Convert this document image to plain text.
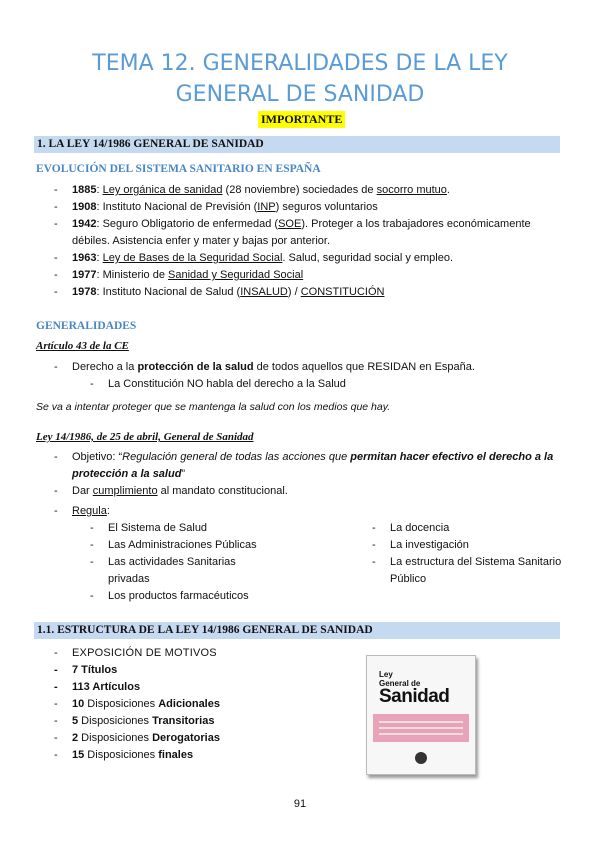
TEMA 12. GENERALIDADES DE LA LEY
GENERAL DE SANIDAD
IMPORTANTE
1. LA LEY 14/1986 GENERAL DE SANIDAD
EVOLUCIÓN DEL SISTEMA SANITARIO EN ESPAÑA
- 1885: Ley orgánica de sanidad (28 noviembre) sociedades de socorro mutuo.
- 1908: Instituto Nacional de Previsión (INP) seguros voluntarios
- 1942: Seguro Obligatorio de enfermedad (SOE). Proteger a los trabajadores económicamente débiles. Asistencia enfer y mater y bajas por anterior.
- 1963: Ley de Bases de la Seguridad Social. Salud, seguridad social y empleo.
- 1977: Ministerio de Sanidad y Seguridad Social
- 1978: Instituto Nacional de Salud (INSALUD) / CONSTITUCIÓN
GENERALIDADES
Artículo 43 de la CE
- Derecho a la protección de la salud de todos aquellos que RESIDAN en España.
- La Constitución NO habla del derecho a la Salud
Se va a intentar proteger que se mantenga la salud con los medios que hay.
Ley 14/1986, de 25 de abril, General de Sanidad
- Objetivo: “Regulación general de todas las acciones que permitan hacer efectivo el derecho a la protección a la salud”
- Dar cumplimiento al mandato constitucional.
- Regula:
- El Sistema de Salud
- Las Administraciones Públicas
- Las actividades Sanitarias privadas
- Los productos farmacéuticos
- La docencia
- La investigación
- La estructura del Sistema Sanitario Público
1.1. ESTRUCTURA DE LA LEY 14/1986 GENERAL DE SANIDAD
- EXPOSICIÓN DE MOTIVOS
- 7 Títulos
- 113 Artículos
- 10 Disposiciones Adicionales
- 5 Disposiciones Transitorias
- 2 Disposiciones Derogatorias
- 15 Disposiciones finales
Ley
General de
Sanidad
91
